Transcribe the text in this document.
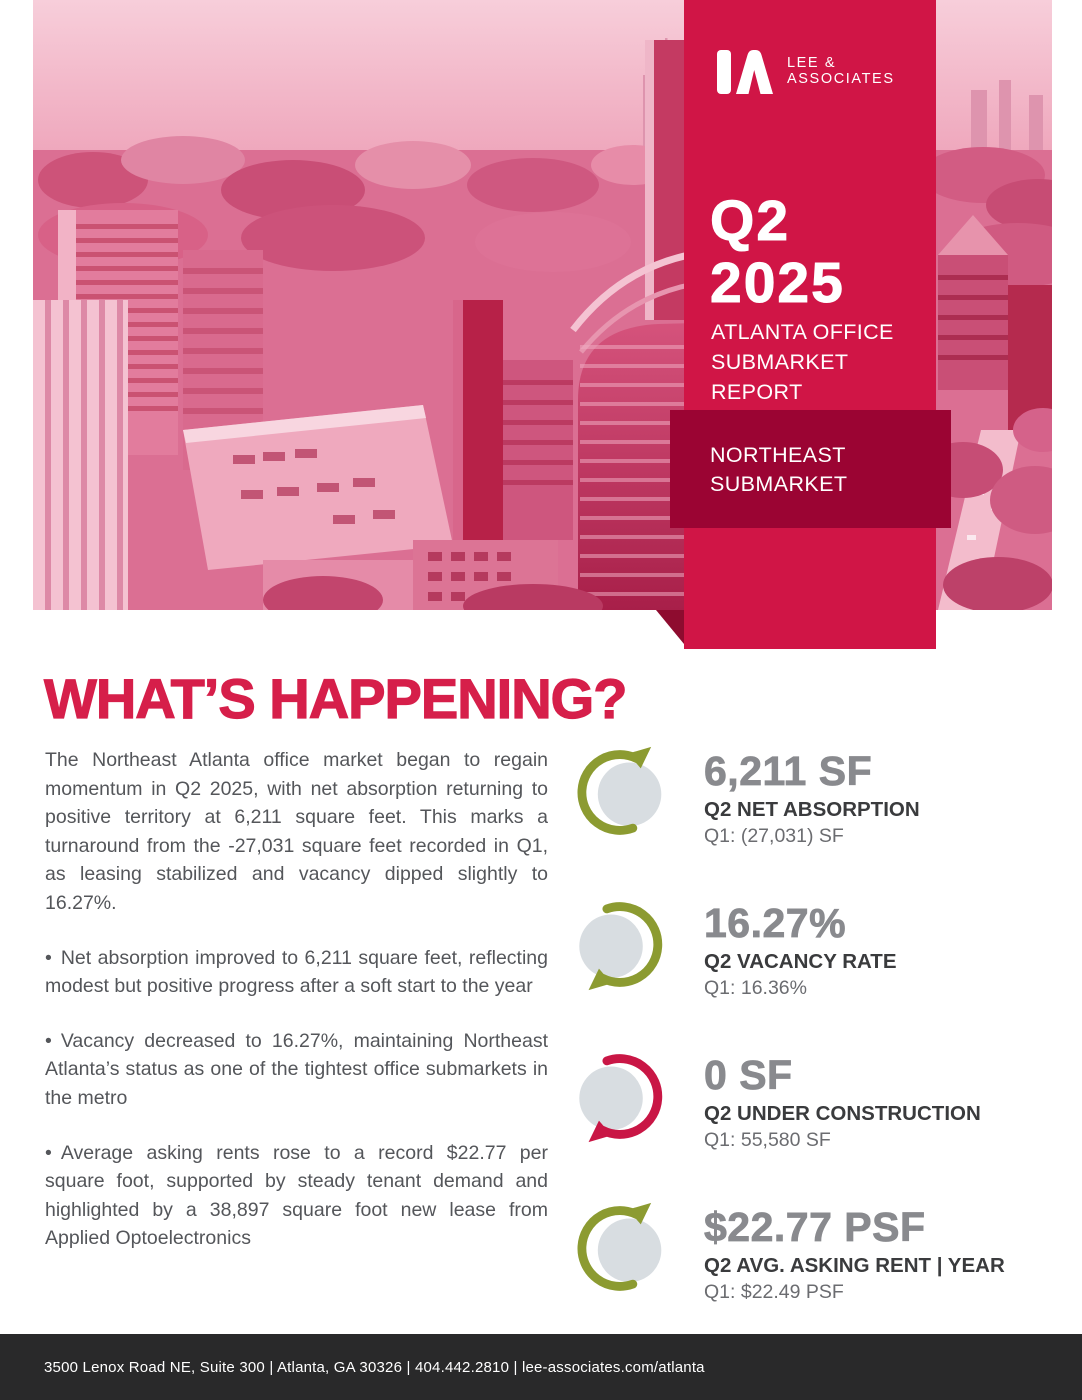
LEE &
ASSOCIATES
Q2
2025
ATLANTA OFFICE
SUBMARKET REPORT
NORTHEAST
SUBMARKET
WHAT’S HAPPENING?

The Northeast Atlanta office market began to regain momentum in Q2 2025, with net absorption returning to positive territory at 6,211 square feet. This marks a turnaround from the -27,031 square feet recorded in Q1, as leasing stabilized and vacancy dipped slightly to 16.27%.

• Net absorption improved to 6,211 square feet, reflecting modest but positive progress after a soft start to the year

• Vacancy decreased to 16.27%, maintaining Northeast Atlanta’s status as one of the tightest office submarkets in the metro

• Average asking rents rose to a record $22.77 per square foot, supported by steady tenant demand and highlighted by a 38,897 square foot new lease from Applied Optoelectronics

6,211 SF
Q2 NET ABSORPTION
Q1: (27,031) SF
16.27%
Q2 VACANCY RATE
Q1: 16.36%
0 SF
Q2 UNDER CONSTRUCTION
Q1: 55,580 SF
$22.77 PSF
Q2 AVG. ASKING RENT | YEAR
Q1: $22.49 PSF
3500 Lenox Road NE, Suite 300 | Atlanta, GA 30326 | 404.442.2810 | lee-associates.com/atlanta
